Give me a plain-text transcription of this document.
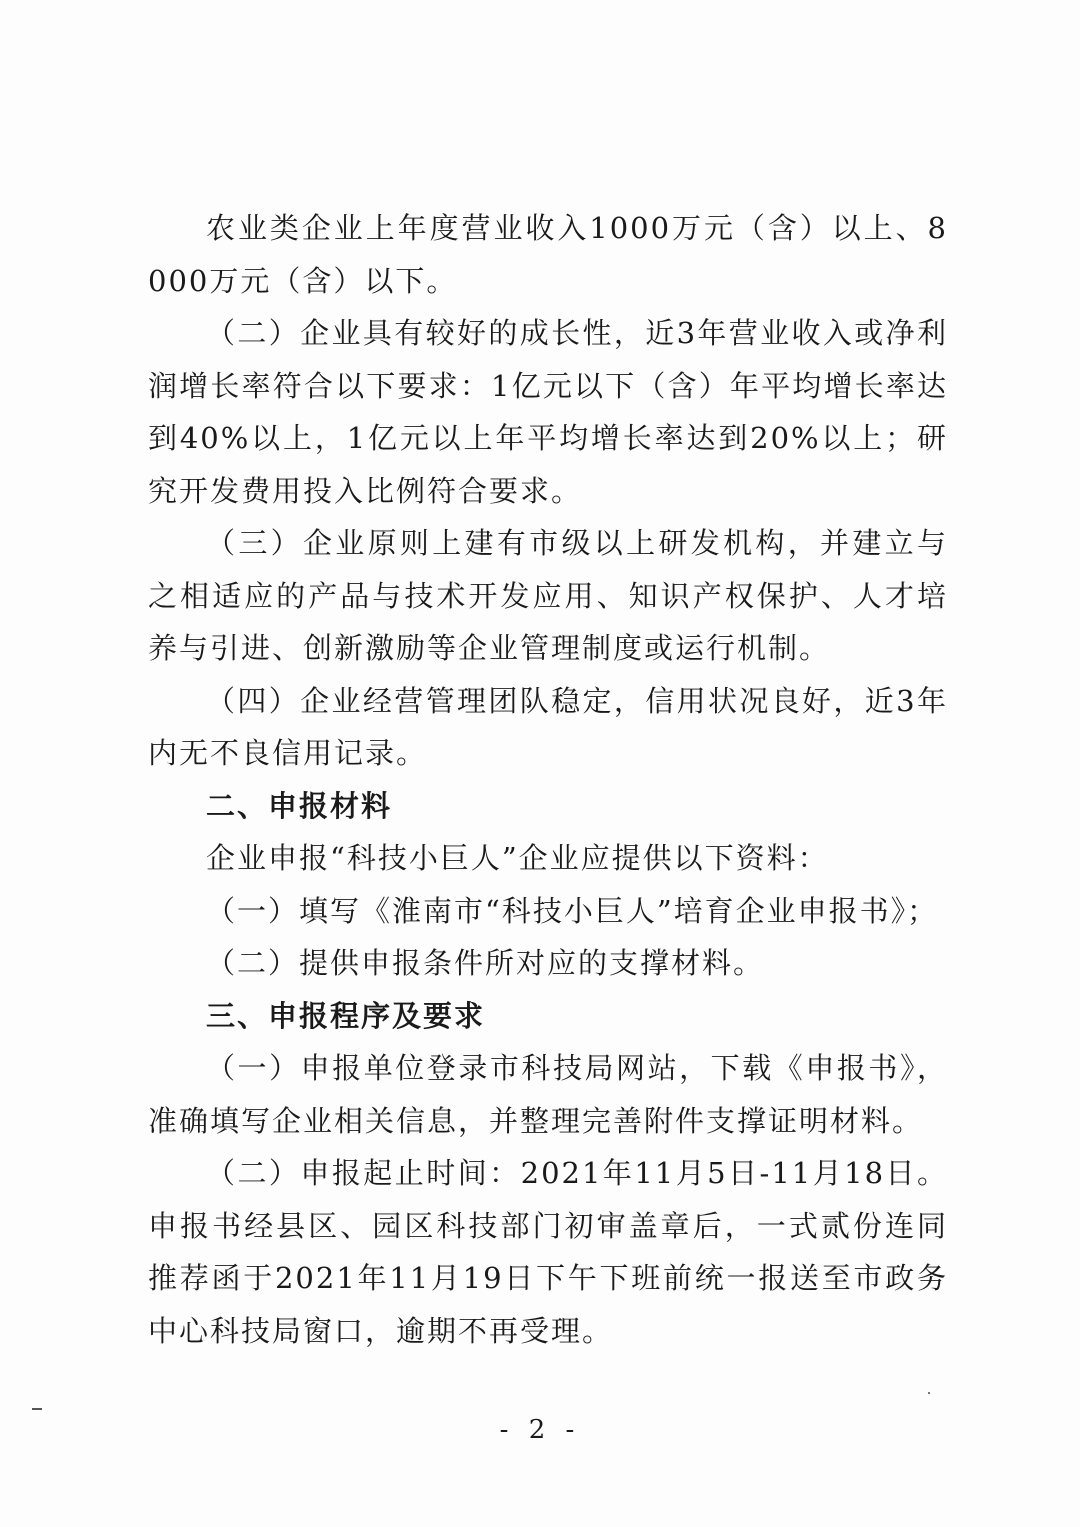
农业类企业上年度营业收入1000万元（含）以上、8000万元（含）以下。

（二）企业具有较好的成长性，近3年营业收入或净利润增长率符合以下要求：1亿元以下（含）年平均增长率达到40%以上，1亿元以上年平均增长率达到20%以上；研究开发费用投入比例符合要求。

（三）企业原则上建有市级以上研发机构，并建立与之相适应的产品与技术开发应用、知识产权保护、人才培养与引进、创新激励等企业管理制度或运行机制。

（四）企业经营管理团队稳定，信用状况良好，近3年内无不良信用记录。

二、申报材料

企业申报“科技小巨人”企业应提供以下资料：

（一）填写《淮南市“科技小巨人”培育企业申报书》；

（二）提供申报条件所对应的支撑材料。

三、申报程序及要求

（一）申报单位登录市科技局网站，下载《申报书》，准确填写企业相关信息，并整理完善附件支撑证明材料。

（二）申报起止时间：2021年11月5日-11月18日。申报书经县区、园区科技部门初审盖章后，一式贰份连同推荐函于2021年11月19日下午下班前统一报送至市政务中心科技局窗口，逾期不再受理。

- 2 -
